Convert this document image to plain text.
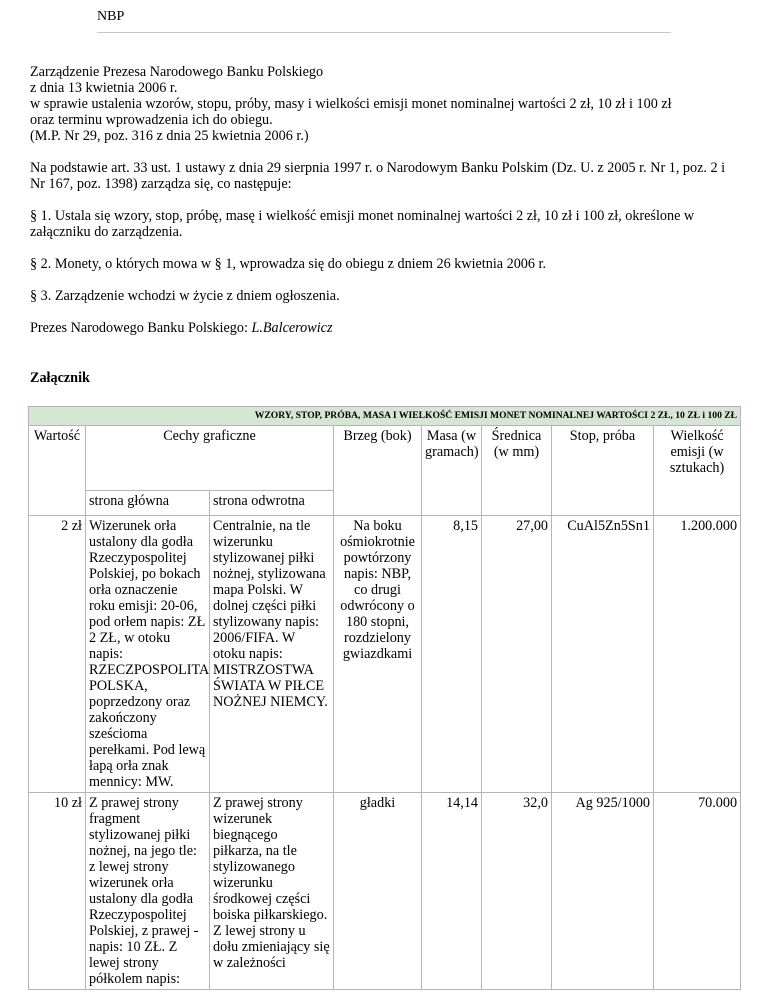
NBP

Zarządzenie Prezesa Narodowego Banku Polskiego
z dnia 13 kwietnia 2006 r.
w sprawie ustalenia wzorów, stopu, próby, masy i wielkości emisji monet nominalnej wartości 2 zł, 10 zł i 100 zł
oraz terminu wprowadzenia ich do obiegu.
(M.P. Nr 29, poz. 316 z dnia 25 kwietnia 2006 r.)

Na podstawie art. 33 ust. 1 ustawy z dnia 29 sierpnia 1997 r. o Narodowym Banku Polskim (Dz. U. z 2005 r. Nr 1, poz. 2 i Nr 167, poz. 1398) zarządza się, co następuje:

§ 1. Ustala się wzory, stop, próbę, masę i wielkość emisji monet nominalnej wartości 2 zł, 10 zł i 100 zł, określone w załączniku do zarządzenia.

§ 2. Monety, o których mowa w § 1, wprowadza się do obiegu z dniem 26 kwietnia 2006 r.

§ 3. Zarządzenie wchodzi w życie z dniem ogłoszenia.

Prezes Narodowego Banku Polskiego: L.Balcerowicz

Załącznik
WZORY, STOP, PRÓBA, MASA I WIELKOŚĆ EMISJI MONET NOMINALNEJ WARTOŚCI 2 ZŁ, 10 ZŁ i 100 ZŁ							
Wartość	Cechy graficzne		Brzeg (bok)	Masa (w gramach)	Średnica (w mm)	Stop, próba	Wielkość emisji (w sztukach)
	strona główna	strona odwrotna					
2 zł	Wizerunek orła ustalony dla godła Rzeczypospolitej Polskiej, po bokach orła oznaczenie roku emisji: 20-06, pod orłem napis: ZŁ 2 ZŁ, w otoku napis: RZECZPOSPOLITA POLSKA, poprzedzony oraz zakończony sześcioma perełkami. Pod lewą łapą orła znak mennicy: MW.	Centralnie, na tle wizerunku stylizowanej piłki nożnej, stylizowana mapa Polski. W dolnej części piłki stylizowany napis: 2006/FIFA. W otoku napis: MISTRZOSTWA ŚWIATA W PIŁCE NOŻNEJ NIEMCY.	Na boku ośmiokrotnie powtórzony napis: NBP, co drugi odwrócony o 180 stopni, rozdzielony gwiazdkami	8,15	27,00	CuAl5Zn5Sn1	1.200.000
10 zł	Z prawej strony fragment stylizowanej piłki nożnej, na jego tle: z lewej strony wizerunek orła ustalony dla godła Rzeczypospolitej Polskiej, z prawej - napis: 10 ZŁ. Z lewej strony półkolem napis:	Z prawej strony wizerunek biegnącego piłkarza, na tle stylizowanego wizerunku środkowej części boiska piłkarskiego. Z lewej strony u dołu zmieniający się w zależności	gładki	14,14	32,0	Ag 925/1000	70.000
